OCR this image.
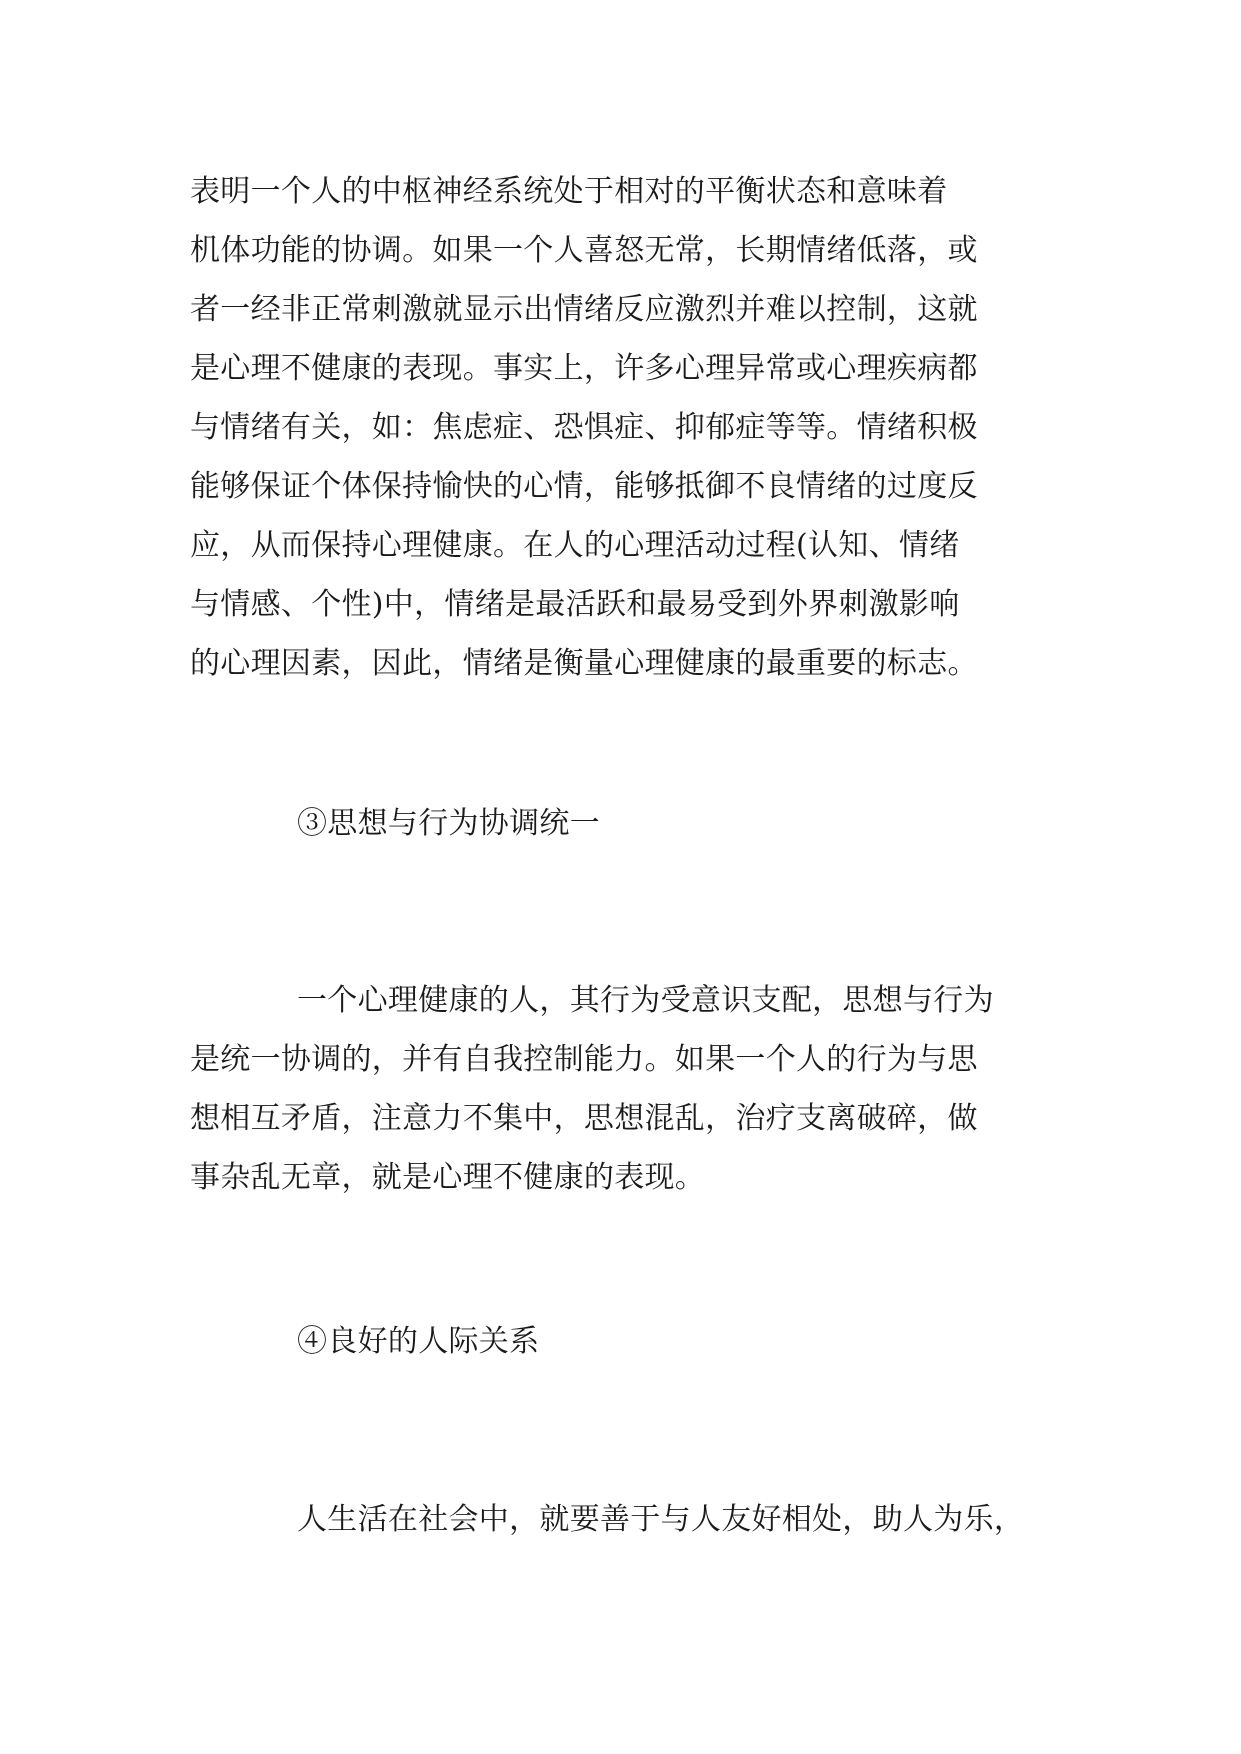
表明一个人的中枢神经系统处于相对的平衡状态和意味着
机体功能的协调。如果一个人喜怒无常，长期情绪低落，或
者一经非正常刺激就显示出情绪反应激烈并难以控制，这就
是心理不健康的表现。事实上，许多心理异常或心理疾病都
与情绪有关，如：焦虑症、恐惧症、抑郁症等等。情绪积极
能够保证个体保持愉快的心情，能够抵御不良情绪的过度反
应，从而保持心理健康。在人的心理活动过程(认知、情绪
与情感、个性)中，情绪是最活跃和最易受到外界刺激影响
的心理因素，因此，情绪是衡量心理健康的最重要的标志。
③思想与行为协调统一
一个心理健康的人，其行为受意识支配，思想与行为
是统一协调的，并有自我控制能力。如果一个人的行为与思
想相互矛盾，注意力不集中，思想混乱，治疗支离破碎，做
事杂乱无章，就是心理不健康的表现。
④良好的人际关系
人生活在社会中，就要善于与人友好相处，助人为乐，
